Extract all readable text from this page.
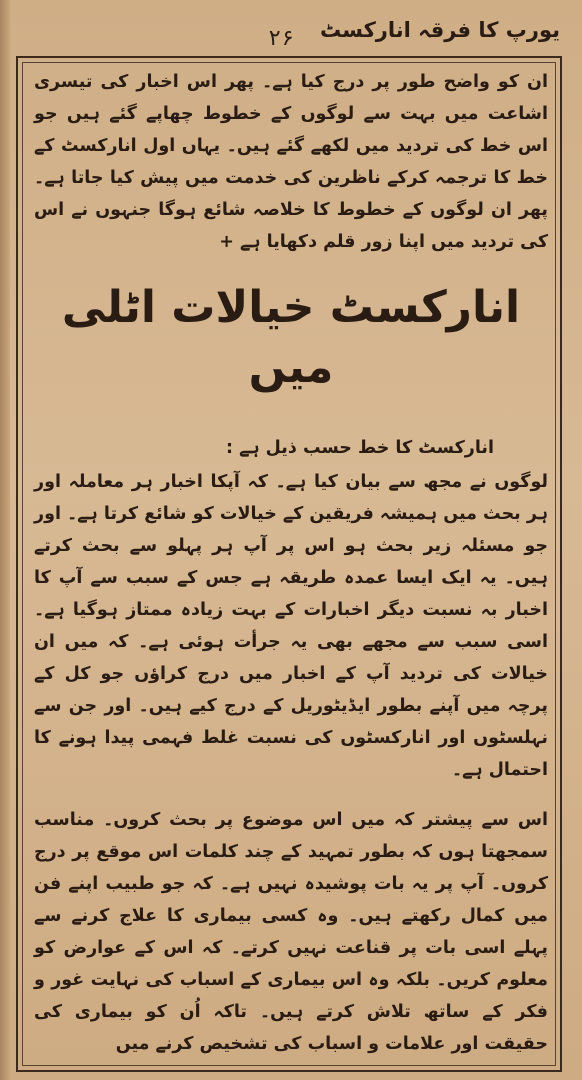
۲۶ یورپ کا فرقہ انارکسٹ

ان کو واضح طور پر درج کیا ہے۔ پھر اس اخبار کی تیسری اشاعت میں بہت سے لوگوں کے خطوط چھاپے گئے ہیں جو اس خط کی تردید میں لکھے گئے ہیں۔ یہاں اول انارکسٹ کے خط کا ترجمہ کرکے ناظرین کی خدمت میں پیش کیا جاتا ہے۔ پھر ان لوگوں کے خطوط کا خلاصہ شائع ہوگا جنہوں نے اس کی تردید میں اپنا زور قلم دکھایا ہے +

انارکسٹ خیالات اٹلی میں

انارکسٹ کا خط حسب ذیل ہے :

لوگوں نے مجھ سے بیان کیا ہے۔ کہ آپکا اخبار ہر معاملہ اور ہر بحث میں ہمیشہ فریقین کے خیالات کو شائع کرتا ہے۔ اور جو مسئلہ زیر بحث ہو اس پر آپ ہر پہلو سے بحث کرتے ہیں۔ یہ ایک ایسا عمدہ طریقہ ہے جس کے سبب سے آپ کا اخبار بہ نسبت دیگر اخبارات کے بہت زیادہ ممتاز ہوگیا ہے۔ اسی سبب سے مجھے بھی یہ جرأت ہوئی ہے۔ کہ میں ان خیالات کی تردید آپ کے اخبار میں درج کراؤں جو کل کے پرچہ میں آپنے بطور ایڈیٹوریل کے درج کیے ہیں۔ اور جن سے نہلسٹوں اور انارکسٹوں کی نسبت غلط فہمی پیدا ہونے کا احتمال ہے۔

اس سے پیشتر کہ میں اس موضوع پر بحث کروں۔ مناسب سمجھتا ہوں کہ بطور تمہید کے چند کلمات اس موقع پر درج کروں۔ آپ پر یہ بات پوشیدہ نہیں ہے۔ کہ جو طبیب اپنے فن میں کمال رکھتے ہیں۔ وہ کسی بیماری کا علاج کرنے سے پہلے اسی بات پر قناعت نہیں کرتے۔ کہ اس کے عوارض کو معلوم کریں۔ بلکہ وہ اس بیماری کے اسباب کی نہایت غور و فکر کے ساتھ تلاش کرتے ہیں۔ تاکہ اُن کو بیماری کی حقیقت اور علامات و اسباب کی تشخیص کرنے میں
